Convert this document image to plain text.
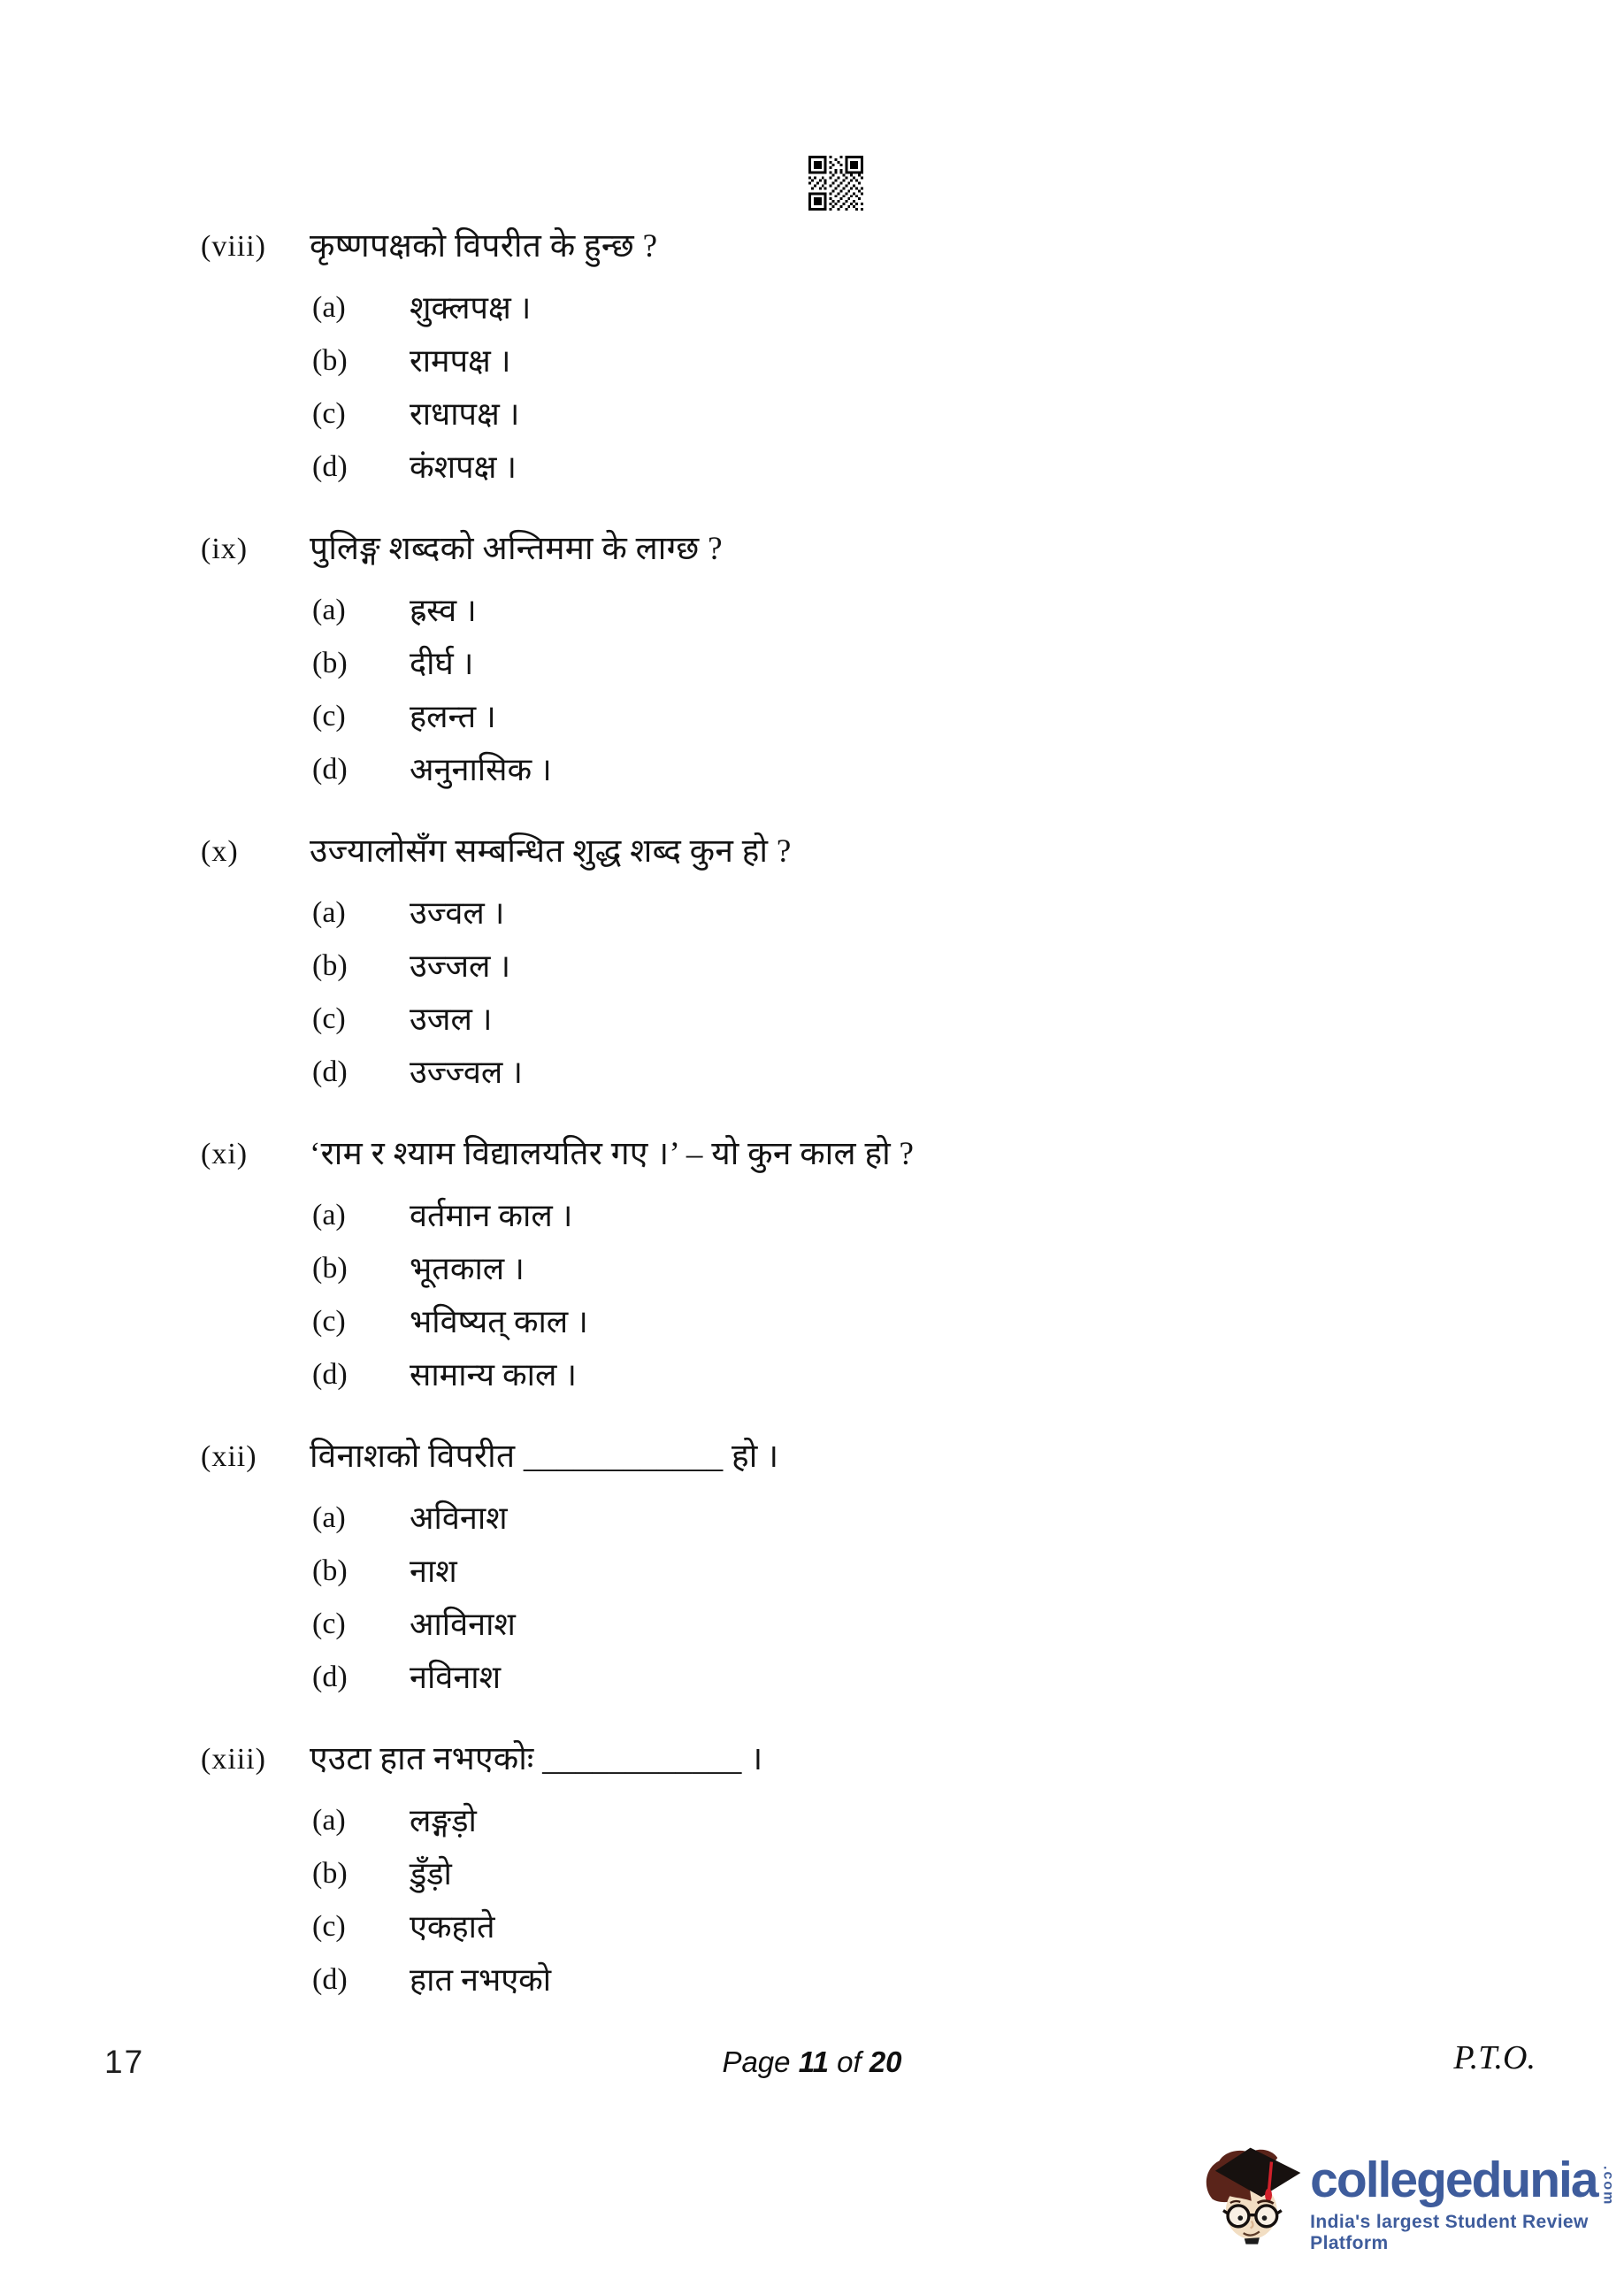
(viii)	कृष्णपक्षको विपरीत के हुन्छ ?
(a)	शुक्लपक्ष ।
(b)	रामपक्ष ।
(c)	राधापक्ष ।
(d)	कंशपक्ष ।
(ix)	पुलिङ्ग शब्दको अन्तिममा के लाग्छ ?
(a)	ह्रस्व ।
(b)	दीर्घ ।
(c)	हलन्त ।
(d)	अनुनासिक ।
(x)	उज्यालोसँग सम्बन्धित शुद्ध शब्द कुन हो ?
(a)	उज्वल ।
(b)	उज्जल ।
(c)	उजल ।
(d)	उज्ज्वल ।
(xi)	‘राम र श्याम विद्यालयतिर गए ।’ – यो कुन काल हो ?
(a)	वर्तमान काल ।
(b)	भूतकाल ।
(c)	भविष्यत् काल ।
(d)	सामान्य काल ।
(xii)	विनाशको विपरीत ____________ हो ।
(a)	अविनाश
(b)	नाश
(c)	आविनाश
(d)	नविनाश
(xiii)	एउटा हात नभएकोः ____________ ।
(a)	लङ्गड़ो
(b)	डुँड़ो
(c)	एकहाते
(d)	हात नभएको
17	Page 11 of 20	P.T.O.
collegedunia .com
India's largest Student Review Platform
